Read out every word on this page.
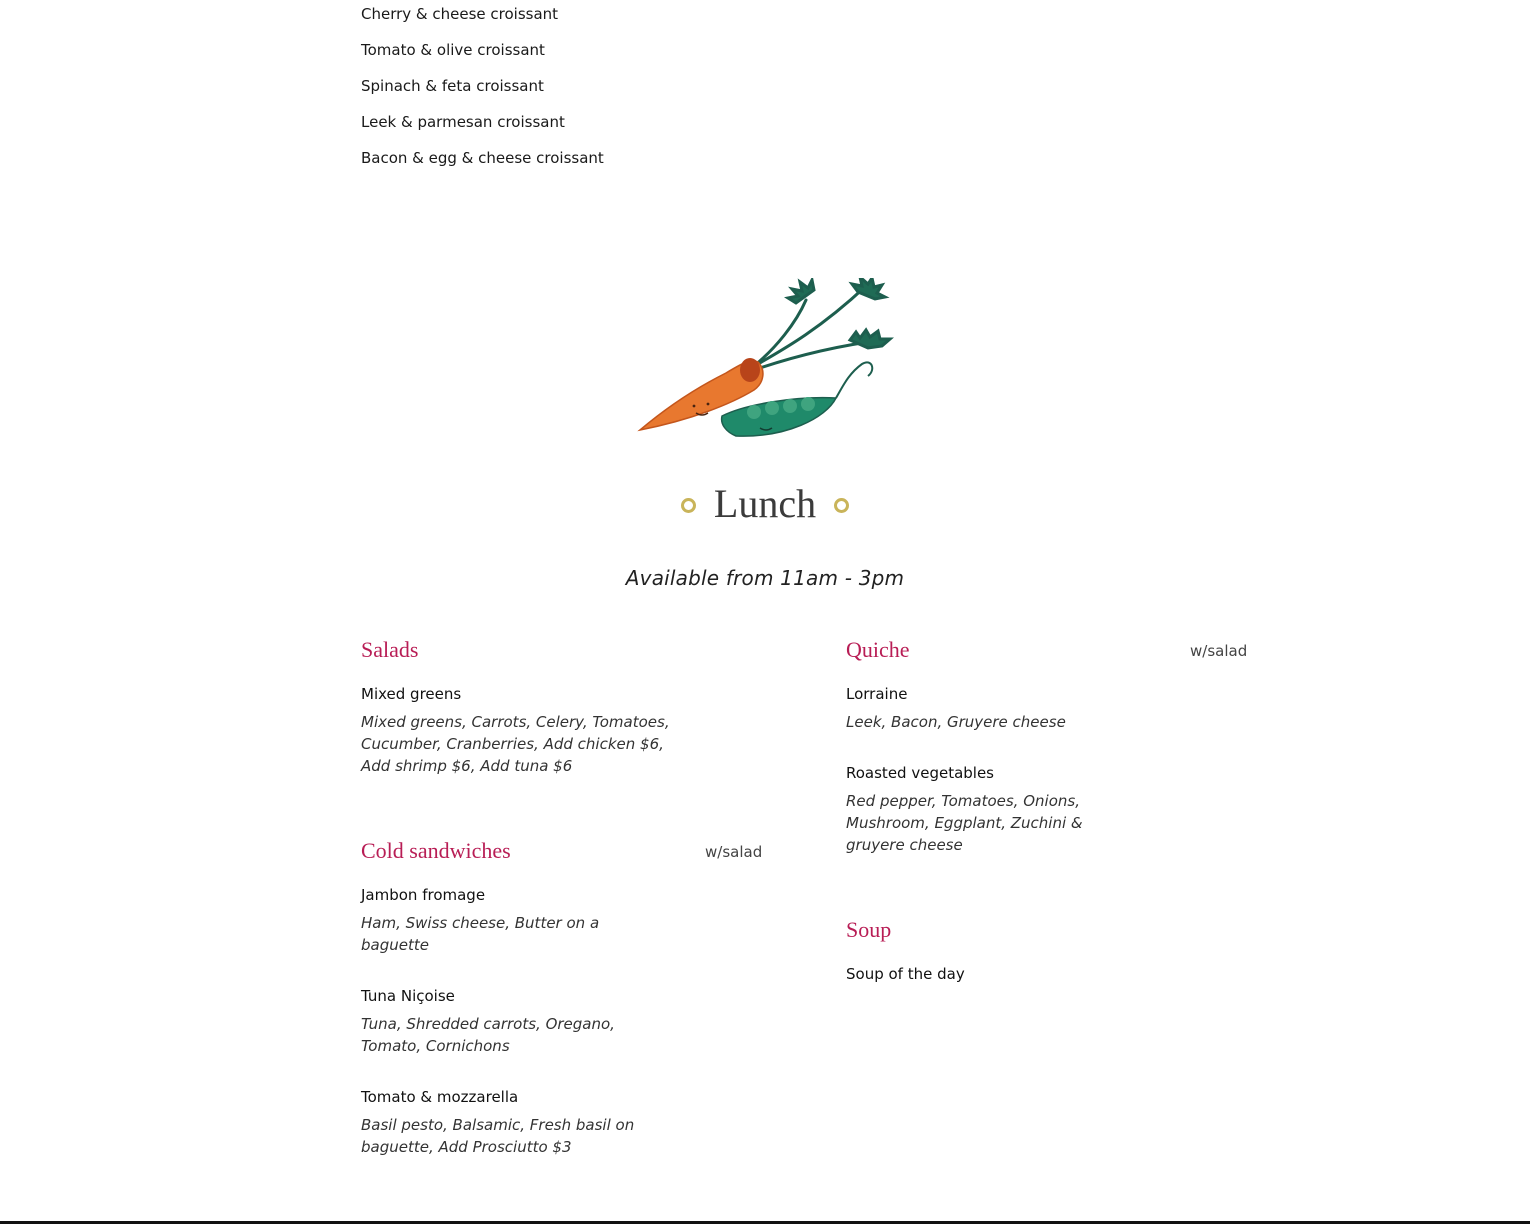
Cherry & cheese croissant
Tomato & olive croissant
Spinach & feta croissant
Leek & parmesan croissant
Bacon & egg & cheese croissant
Lunch
Available from 11am - 3pm
Salads
Mixed greens
Mixed greens, Carrots, Celery, Tomatoes, Cucumber, Cranberries, Add chicken $6, Add shrimp $6, Add tuna $6
Cold sandwiches	w/salad
Jambon fromage
Ham, Swiss cheese, Butter on a baguette
Tuna Niçoise
Tuna, Shredded carrots, Oregano, Tomato, Cornichons
Tomato & mozzarella
Basil pesto, Balsamic, Fresh basil on baguette, Add Prosciutto $3
Quiche	w/salad
Lorraine
Leek, Bacon, Gruyere cheese
Roasted vegetables
Red pepper, Tomatoes, Onions, Mushroom, Eggplant, Zuchini & gruyere cheese
Soup
Soup of the day
